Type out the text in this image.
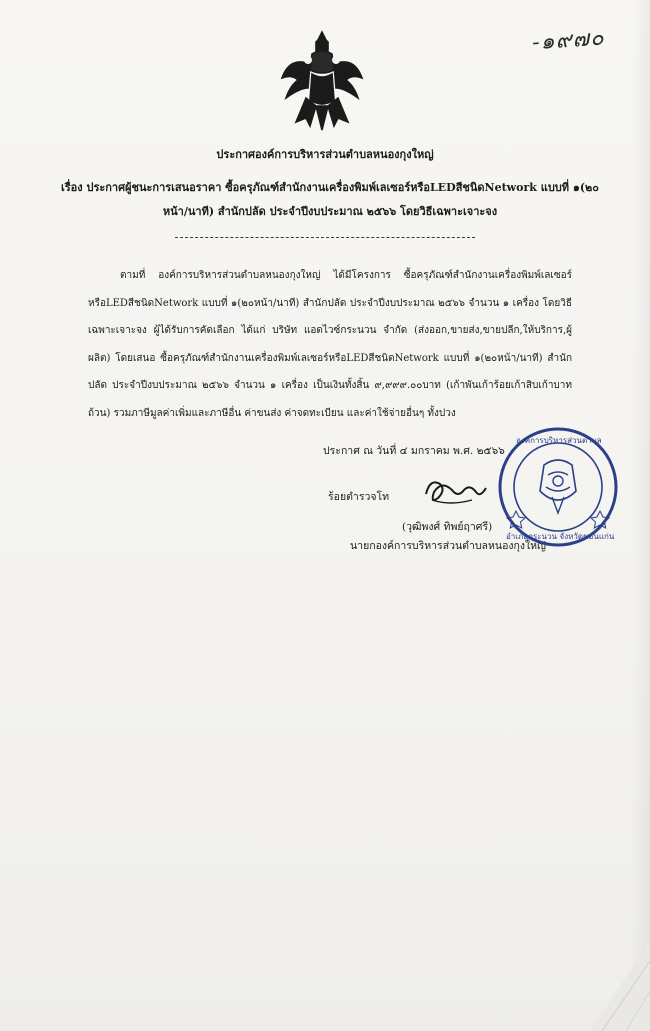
-๑๙๗๐
ประกาศองค์การบริหารส่วนตำบลหนองกุงใหญ่
เรื่อง ประกาศผู้ชนะการเสนอราคา ซื้อครุภัณฑ์สำนักงานเครื่องพิมพ์เลเซอร์หรือLEDสีชนิดNetwork แบบที่ ๑(๒๐
หน้า/นาที) สำนักปลัด ประจำปีงบประมาณ ๒๕๖๖ โดยวิธีเฉพาะเจาะจง
ตามที่ องค์การบริหารส่วนตำบลหนองกุงใหญ่ ได้มีโครงการ ซื้อครุภัณฑ์สำนักงานเครื่องพิมพ์เลเซอร์หรือLEDสีชนิดNetwork แบบที่ ๑(๒๐หน้า/นาที) สำนักปลัด ประจำปีงบประมาณ ๒๕๖๖ จำนวน ๑ เครื่อง โดยวิธีเฉพาะเจาะจง ผู้ได้รับการคัดเลือก ได้แก่ บริษัท แอดไวซ์กระนวน จำกัด (ส่งออก,ขายส่ง,ขายปลีก,ให้บริการ,ผู้ผลิต) โดยเสนอ ซื้อครุภัณฑ์สำนักงานเครื่องพิมพ์เลเซอร์หรือLEDสีชนิดNetwork แบบที่ ๑(๒๐หน้า/นาที) สำนักปลัด ประจำปีงบประมาณ ๒๕๖๖ จำนวน ๑ เครื่อง เป็นเงินทั้งสิ้น ๙,๙๙๙.๐๐บาท (เก้าพันเก้าร้อยเก้าสิบเก้าบาทถ้วน) รวมภาษีมูลค่าเพิ่มและภาษีอื่น ค่าขนส่ง ค่าจดทะเบียน และค่าใช้จ่ายอื่นๆ ทั้งปวง
ประกาศ ณ วันที่ ๔ มกราคม พ.ศ. ๒๕๖๖
ร้อยตำรวจโท
(วุฒิพงศ์ ทิพย์ฤาศรี)
นายกองค์การบริหารส่วนตำบลหนองกุงใหญ่
องค์การบริหารส่วนตำบล
อำเภอกระนวน จังหวัดขอนแก่น
